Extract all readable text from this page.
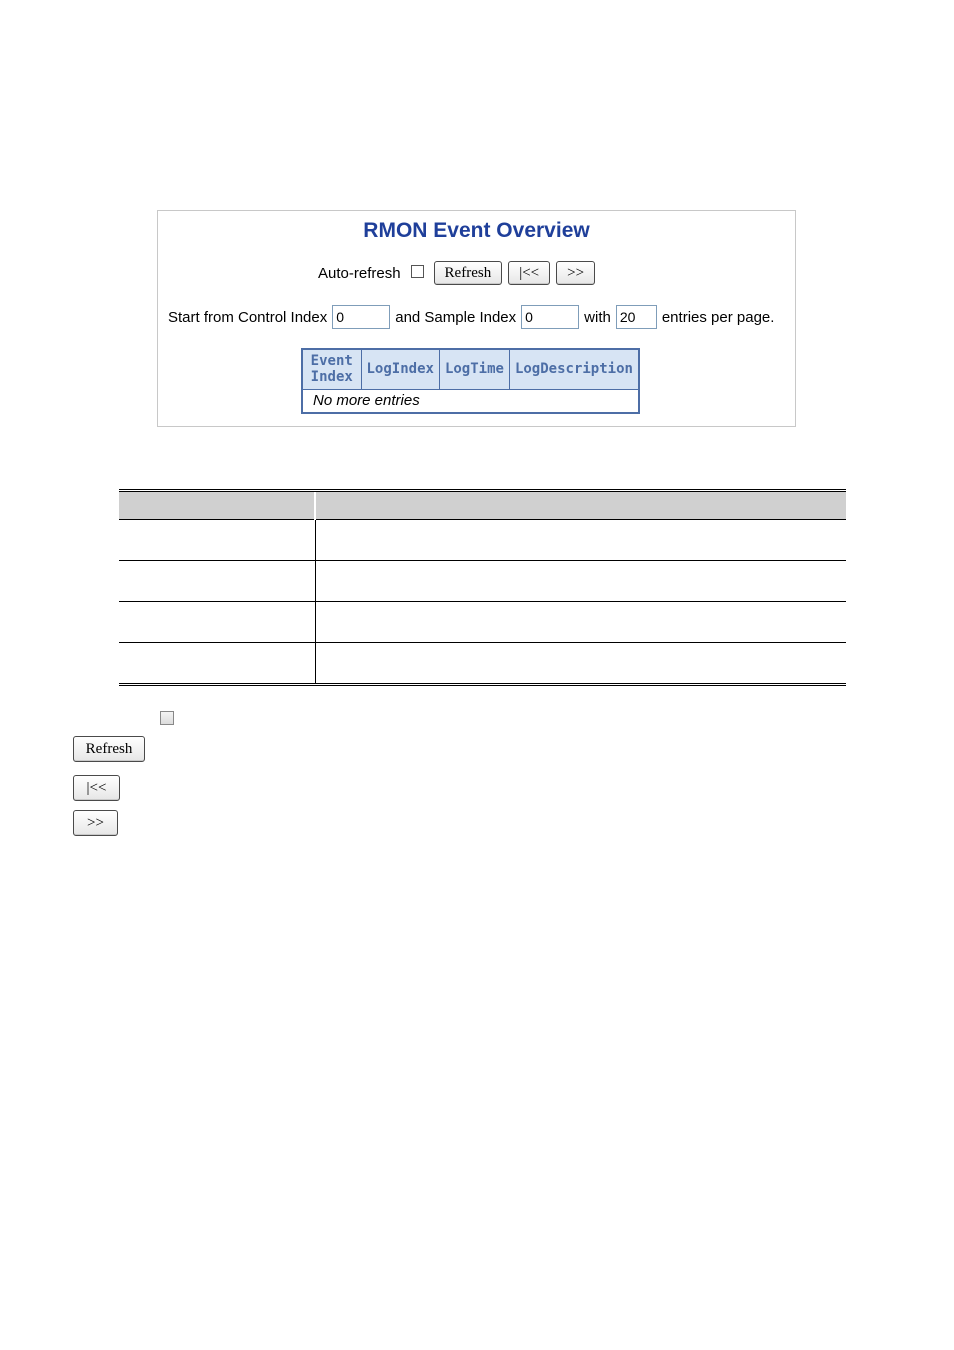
RMON Event Overview
Auto-refresh	Refresh	|<<	>>
Start from Control Index
0	and Sample Index
0	with
20	entries per page.
Event Index	LogIndex	LogTime	LogDescription
No more entries

Refresh
|<<
>>
